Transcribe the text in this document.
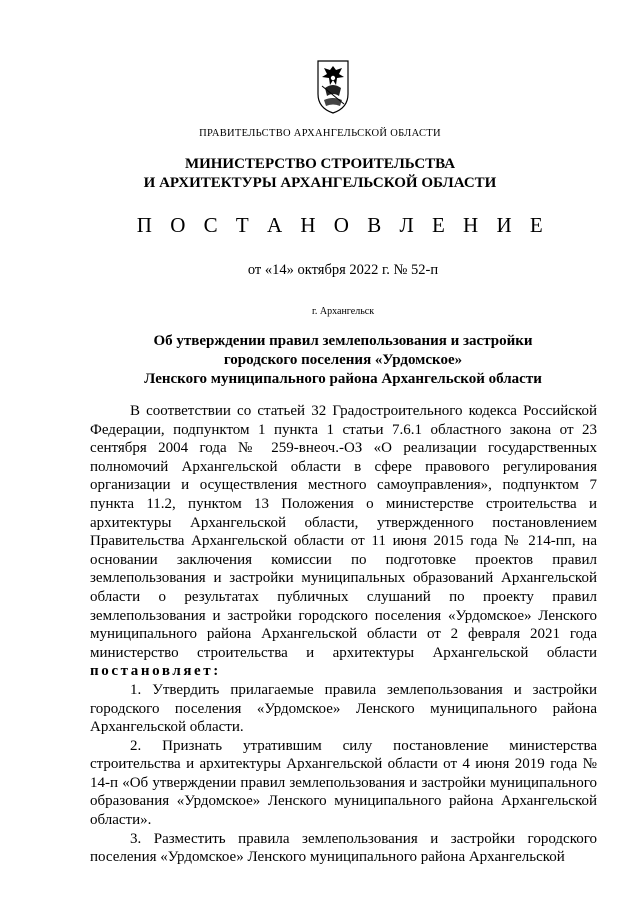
ПРАВИТЕЛЬСТВО АРХАНГЕЛЬСКОЙ ОБЛАСТИ
МИНИСТЕРСТВО СТРОИТЕЛЬСТВА
И АРХИТЕКТУРЫ АРХАНГЕЛЬСКОЙ ОБЛАСТИ
П О С Т А Н О В Л Е Н И Е
от «14» октября 2022 г. № 52-п
г. Архангельск
Об утверждении правил землепользования и застройки
городского поселения «Урдомское»
Ленского муниципального района Архангельской области

В соответствии со статьей 32 Градостроительного кодекса Российской Федерации, подпунктом 1 пункта 1 статьи 7.6.1 областного закона от 23 сентября 2004 года № 259-внеоч.-ОЗ «О реализации государственных полномочий Архангельской области в сфере правового регулирования организации и осуществления местного самоуправления», подпунктом 7 пункта 11.2, пунктом 13 Положения о министерстве строительства и архитектуры Архангельской области, утвержденного постановлением Правительства Архангельской области от 11 июня 2015 года № 214-пп, на основании заключения комиссии по подготовке проектов правил землепользования и застройки муниципальных образований Архангельской области о результатах публичных слушаний по проекту правил землепользования и застройки городского поселения «Урдомское» Ленского муниципального района Архангельской области от 2 февраля 2021 года министерство строительства и архитектуры Архангельской области постановляет:

1. Утвердить прилагаемые правила землепользования и застройки городского поселения «Урдомское» Ленского муниципального района Архангельской области.

2. Признать утратившим силу постановление министерства строительства и архитектуры Архангельской области от 4 июня 2019 года № 14-п «Об утверждении правил землепользования и застройки муниципального образования «Урдомское» Ленского муниципального района Архангельской области».

3. Разместить правила землепользования и застройки городского поселения «Урдомское» Ленского муниципального района Архангельской
